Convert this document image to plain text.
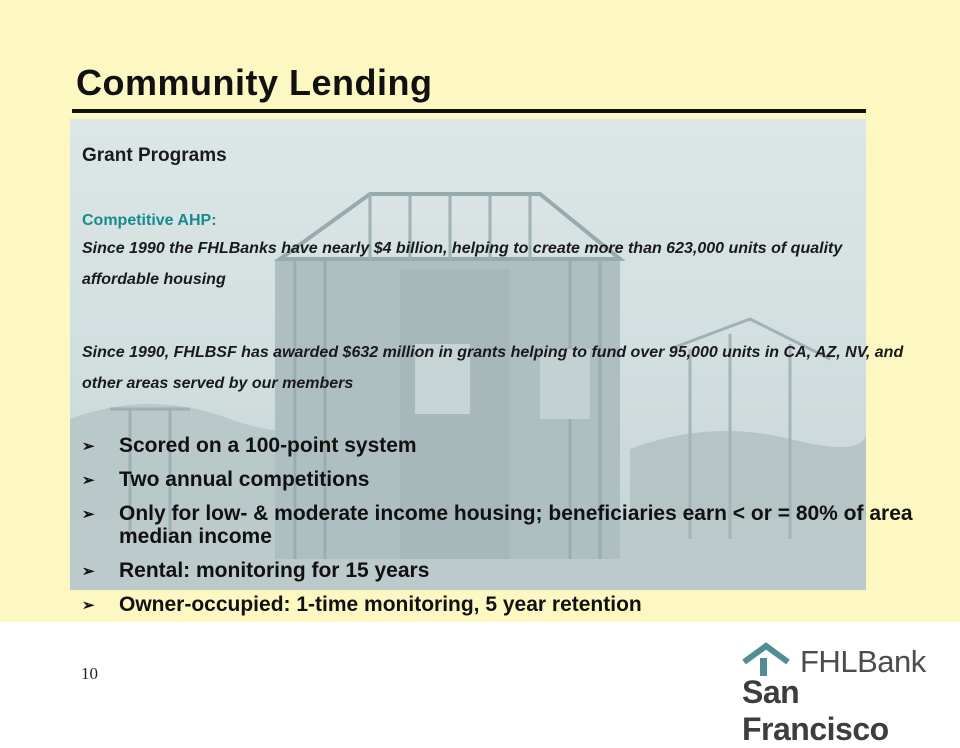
Community Lending
Grant Programs
Competitive AHP:
Since 1990 the FHLBanks have nearly $4 billion, helping to create more than 623,000 units of quality affordable housing
Since 1990, FHLBSF has awarded $632 million in grants helping to fund over 95,000 units in CA, AZ, NV, and other areas served by our members
➢ Scored on a 100-point system
➢ Two annual competitions
➢ Only for low- & moderate income housing; beneficiaries earn < or = 80% of area median income
➢ Rental: monitoring for 15 years
➢ Owner-occupied: 1-time monitoring, 5 year retention
10	FHLBank
San Francisco
